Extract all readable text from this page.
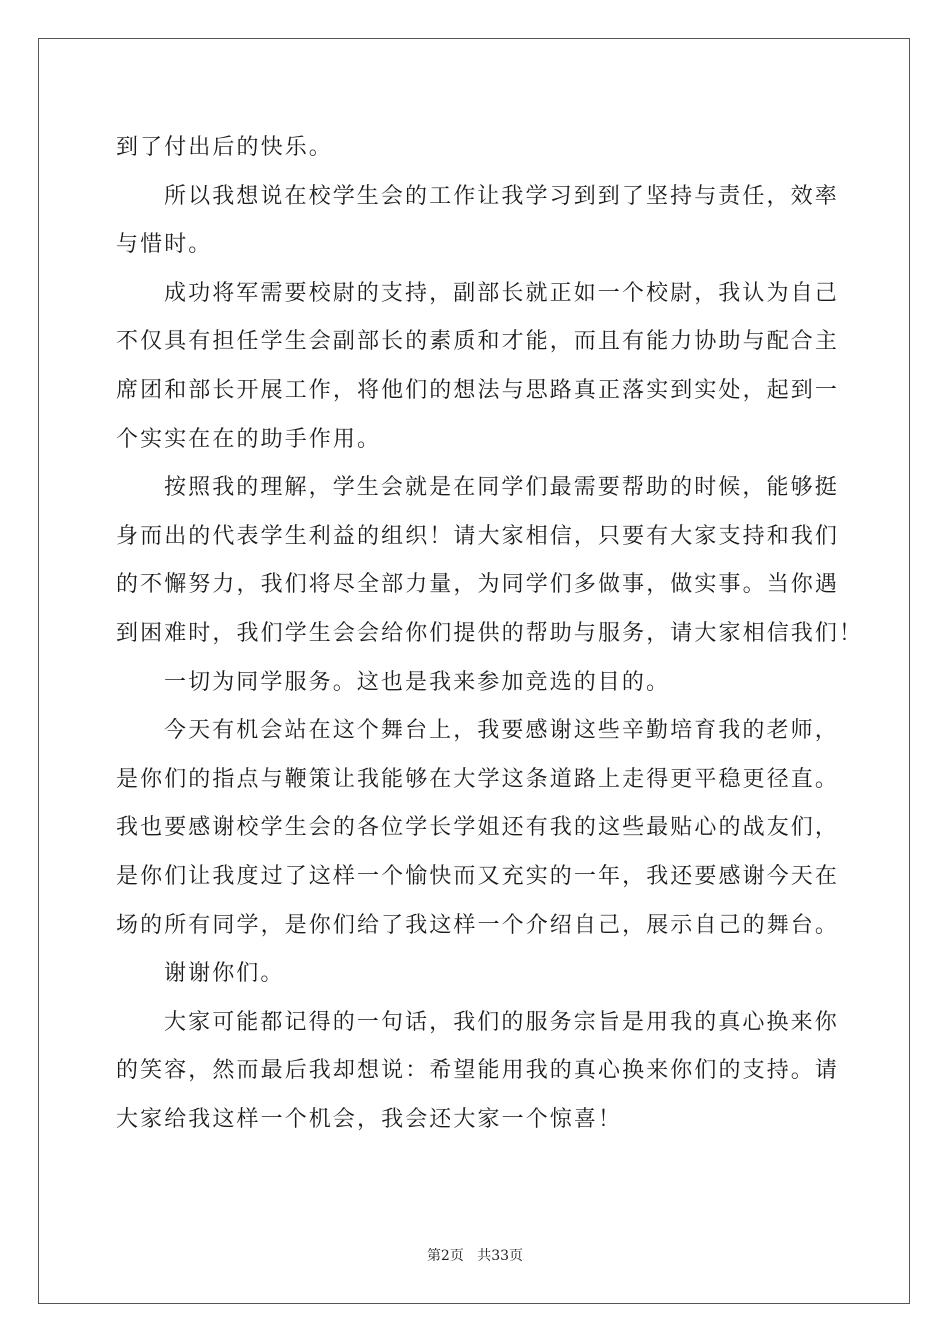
到了付出后的快乐。
所以我想说在校学生会的工作让我学习到到了坚持与责任，效率
与惜时。
成功将军需要校尉的支持，副部长就正如一个校尉，我认为自己
不仅具有担任学生会副部长的素质和才能，而且有能力协助与配合主
席团和部长开展工作，将他们的想法与思路真正落实到实处，起到一
个实实在在的助手作用。
按照我的理解，学生会就是在同学们最需要帮助的时候，能够挺
身而出的代表学生利益的组织！请大家相信，只要有大家支持和我们
的不懈努力，我们将尽全部力量，为同学们多做事，做实事。当你遇
到困难时，我们学生会会给你们提供的帮助与服务，请大家相信我们！
一切为同学服务。这也是我来参加竞选的目的。
今天有机会站在这个舞台上，我要感谢这些辛勤培育我的老师，
是你们的指点与鞭策让我能够在大学这条道路上走得更平稳更径直。
我也要感谢校学生会的各位学长学姐还有我的这些最贴心的战友们，
是你们让我度过了这样一个愉快而又充实的一年，我还要感谢今天在
场的所有同学，是你们给了我这样一个介绍自己，展示自己的舞台。
谢谢你们。
大家可能都记得的一句话，我们的服务宗旨是用我的真心换来你
的笑容，然而最后我却想说：希望能用我的真心换来你们的支持。请
大家给我这样一个机会，我会还大家一个惊喜！
第2页 共33页
